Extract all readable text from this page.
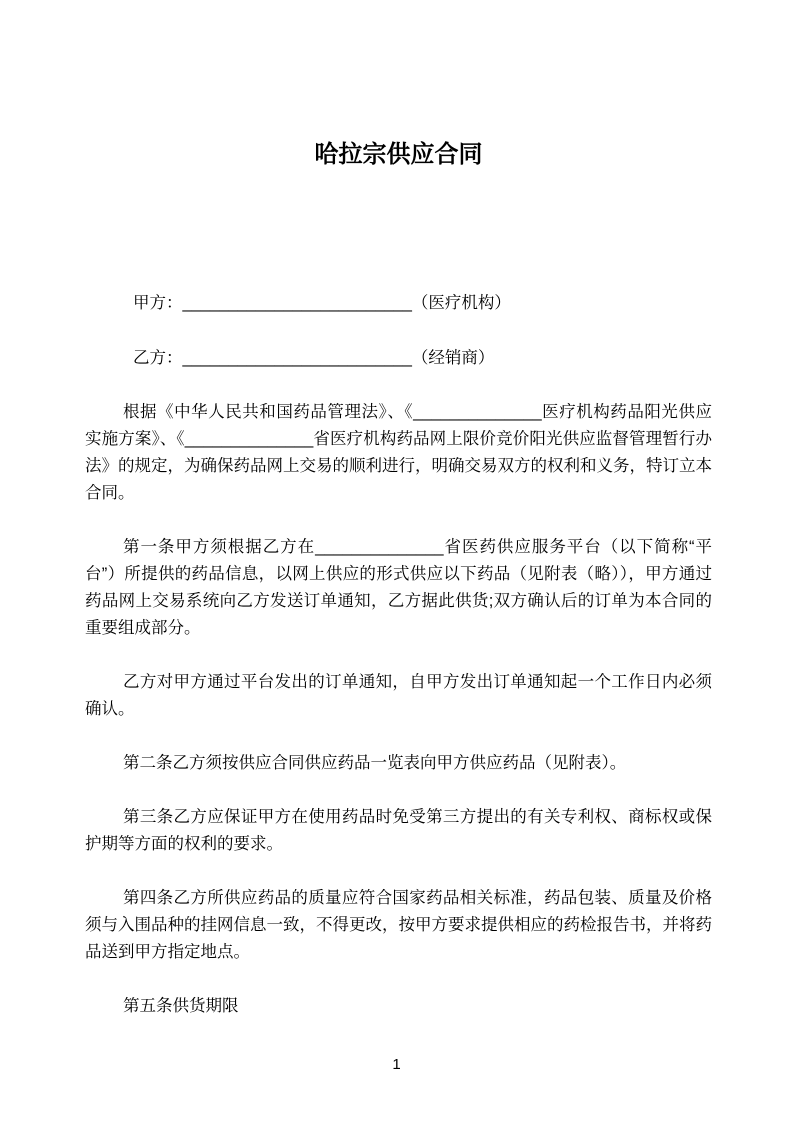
哈拉宗供应合同

甲方：_________________________（医疗机构）

乙方：_________________________（经销商）

根据《中华人民共和国药品管理法》、《______________医疗机构药品阳光供应实施方案》、《______________省医疗机构药品网上限价竞价阳光供应监督管理暂行办法》的规定，为确保药品网上交易的顺利进行，明确交易双方的权利和义务，特订立本合同。

第一条甲方须根据乙方在______________省医药供应服务平台（以下简称“平台”）所提供的药品信息，以网上供应的形式供应以下药品（见附表（略）），甲方通过药品网上交易系统向乙方发送订单通知，乙方据此供货;双方确认后的订单为本合同的重要组成部分。

乙方对甲方通过平台发出的订单通知，自甲方发出订单通知起一个工作日内必须确认。

第二条乙方须按供应合同供应药品一览表向甲方供应药品（见附表）。

第三条乙方应保证甲方在使用药品时免受第三方提出的有关专利权、商标权或保护期等方面的权利的要求。

第四条乙方所供应药品的质量应符合国家药品相关标准，药品包装、质量及价格须与入围品种的挂网信息一致，不得更改，按甲方要求提供相应的药检报告书，并将药品送到甲方指定地点。

第五条供货期限

1
